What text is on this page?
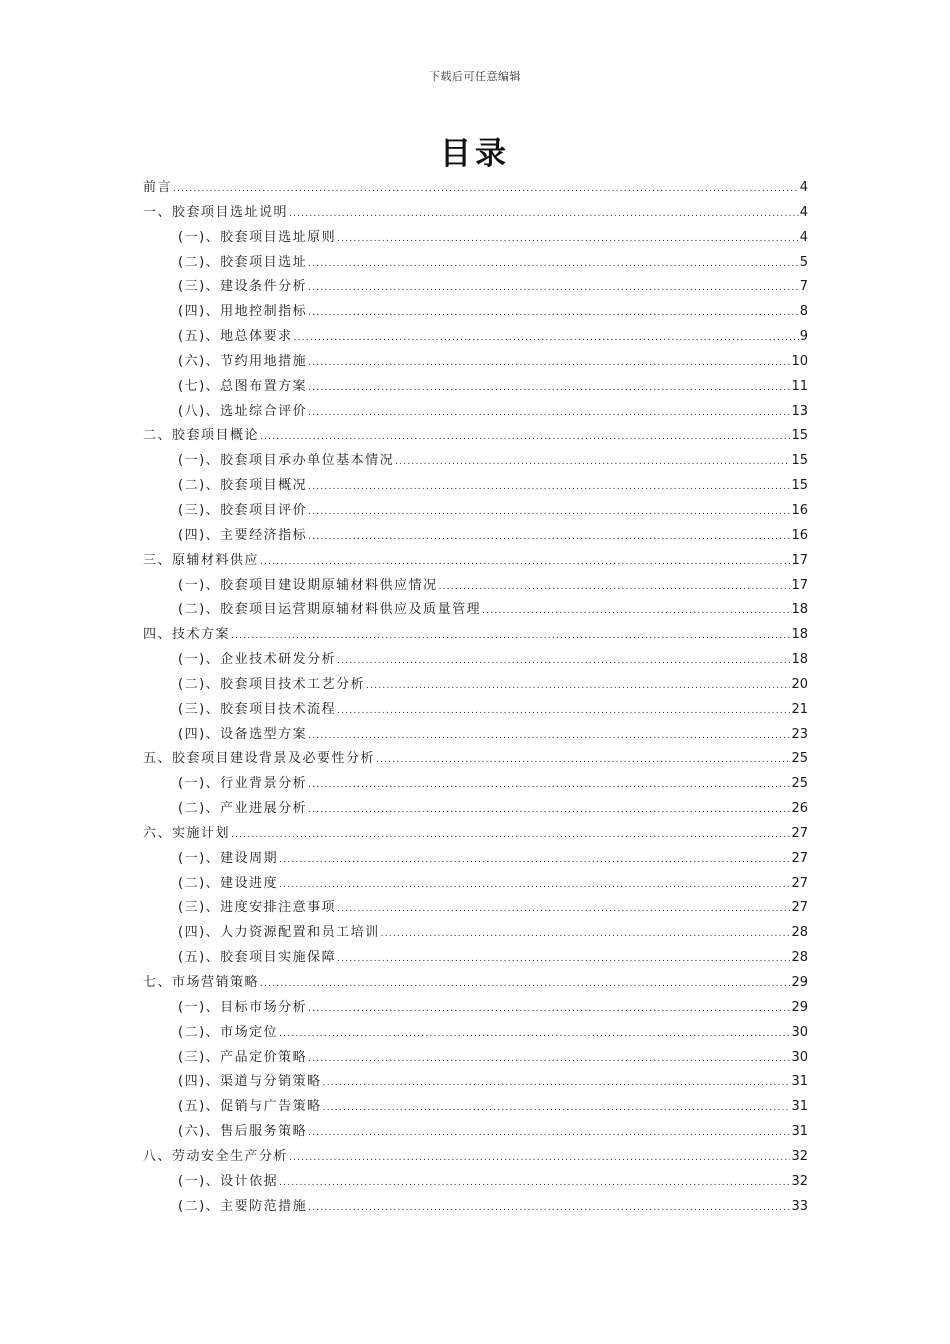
下载后可任意编辑
目录
前言 .....	4
一、胶套项目选址说明 .....	4
(一)、胶套项目选址原则 .....	4
(二)、胶套项目选址 .....	5
(三)、建设条件分析 .....	7
(四)、用地控制指标 .....	8
(五)、地总体要求 .....	9
(六)、节约用地措施 .....	10
(七)、总图布置方案 .....	11
(八)、选址综合评价 .....	13
二、胶套项目概论 .....	15
(一)、胶套项目承办单位基本情况 .....	15
(二)、胶套项目概况 .....	15
(三)、胶套项目评价 .....	16
(四)、主要经济指标 .....	16
三、原辅材料供应 .....	17
(一)、胶套项目建设期原辅材料供应情况 .....	17
(二)、胶套项目运营期原辅材料供应及质量管理 .....	18
四、技术方案 .....	18
(一)、企业技术研发分析 .....	18
(二)、胶套项目技术工艺分析 .....	20
(三)、胶套项目技术流程 .....	21
(四)、设备选型方案 .....	23
五、胶套项目建设背景及必要性分析 .....	25
(一)、行业背景分析 .....	25
(二)、产业进展分析 .....	26
六、实施计划 .....	27
(一)、建设周期 .....	27
(二)、建设进度 .....	27
(三)、进度安排注意事项 .....	27
(四)、人力资源配置和员工培训 .....	28
(五)、胶套项目实施保障 .....	28
七、市场营销策略 .....	29
(一)、目标市场分析 .....	29
(二)、市场定位 .....	30
(三)、产品定价策略 .....	30
(四)、渠道与分销策略 .....	31
(五)、促销与广告策略 .....	31
(六)、售后服务策略 .....	31
八、劳动安全生产分析 .....	32
(一)、设计依据 .....	32
(二)、主要防范措施 .....	33
